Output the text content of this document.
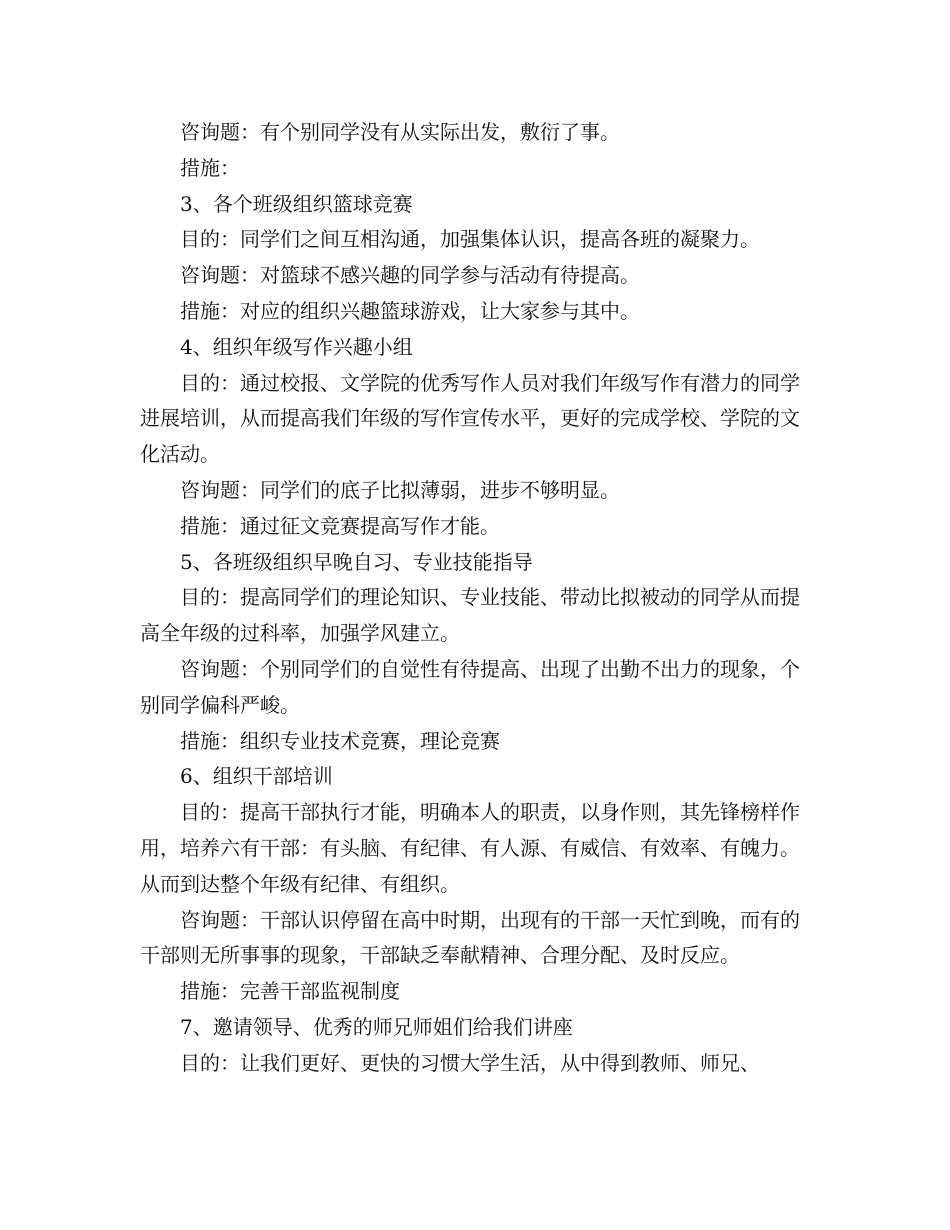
咨询题：有个别同学没有从实际出发，敷衍了事。

措施：

3、各个班级组织篮球竞赛

目的：同学们之间互相沟通，加强集体认识，提高各班的凝聚力。

咨询题：对篮球不感兴趣的同学参与活动有待提高。

措施：对应的组织兴趣篮球游戏，让大家参与其中。

4、组织年级写作兴趣小组

目的：通过校报、文学院的优秀写作人员对我们年级写作有潜力的同学进展培训，从而提高我们年级的写作宣传水平，更好的完成学校、学院的文化活动。

咨询题：同学们的底子比拟薄弱，进步不够明显。

措施：通过征文竞赛提高写作才能。

5、各班级组织早晚自习、专业技能指导

目的：提高同学们的理论知识、专业技能、带动比拟被动的同学从而提高全年级的过科率，加强学风建立。

咨询题：个别同学们的自觉性有待提高、出现了出勤不出力的现象，个别同学偏科严峻。

措施：组织专业技术竞赛，理论竞赛

6、组织干部培训

目的：提高干部执行才能，明确本人的职责，以身作则，其先锋榜样作用，培养六有干部：有头脑、有纪律、有人源、有威信、有效率、有魄力。从而到达整个年级有纪律、有组织。

咨询题：干部认识停留在高中时期，出现有的干部一天忙到晚，而有的干部则无所事事的现象，干部缺乏奉献精神、合理分配、及时反应。

措施：完善干部监视制度

7、邀请领导、优秀的师兄师姐们给我们讲座

目的：让我们更好、更快的习惯大学生活，从中得到教师、师兄、
